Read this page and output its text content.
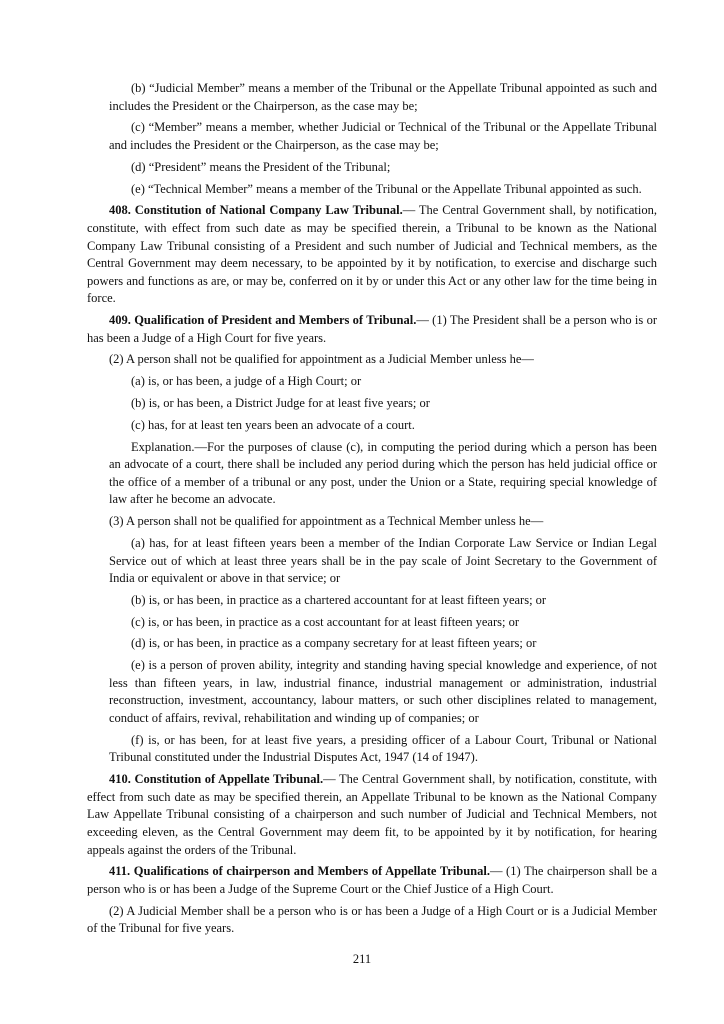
(b) “Judicial Member” means a member of the Tribunal or the Appellate Tribunal appointed as such and includes the President or the Chairperson, as the case may be;

(c) “Member” means a member, whether Judicial or Technical of the Tribunal or the Appellate Tribunal and includes the President or the Chairperson, as the case may be;

(d) “President” means the President of the Tribunal;

(e) “Technical Member” means a member of the Tribunal or the Appellate Tribunal appointed as such.

408. Constitution of National Company Law Tribunal.— The Central Government shall, by notification, constitute, with effect from such date as may be specified therein, a Tribunal to be known as the National Company Law Tribunal consisting of a President and such number of Judicial and Technical members, as the Central Government may deem necessary, to be appointed by it by notification, to exercise and discharge such powers and functions as are, or may be, conferred on it by or under this Act or any other law for the time being in force.

409. Qualification of President and Members of Tribunal.— (1) The President shall be a person who is or has been a Judge of a High Court for five years.

(2) A person shall not be qualified for appointment as a Judicial Member unless he—

(a) is, or has been, a judge of a High Court; or

(b) is, or has been, a District Judge for at least five years; or

(c) has, for at least ten years been an advocate of a court.

Explanation.—For the purposes of clause (c), in computing the period during which a person has been an advocate of a court, there shall be included any period during which the person has held judicial office or the office of a member of a tribunal or any post, under the Union or a State, requiring special knowledge of law after he become an advocate.

(3) A person shall not be qualified for appointment as a Technical Member unless he—

(a) has, for at least fifteen years been a member of the Indian Corporate Law Service or Indian Legal Service out of which at least three years shall be in the pay scale of Joint Secretary to the Government of India or equivalent or above in that service; or

(b) is, or has been, in practice as a chartered accountant for at least fifteen years; or

(c) is, or has been, in practice as a cost accountant for at least fifteen years; or

(d) is, or has been, in practice as a company secretary for at least fifteen years; or

(e) is a person of proven ability, integrity and standing having special knowledge and experience, of not less than fifteen years, in law, industrial finance, industrial management or administration, industrial reconstruction, investment, accountancy, labour matters, or such other disciplines related to management, conduct of affairs, revival, rehabilitation and winding up of companies; or

(f) is, or has been, for at least five years, a presiding officer of a Labour Court, Tribunal or National Tribunal constituted under the Industrial Disputes Act, 1947 (14 of 1947).

410. Constitution of Appellate Tribunal.— The Central Government shall, by notification, constitute, with effect from such date as may be specified therein, an Appellate Tribunal to be known as the National Company Law Appellate Tribunal consisting of a chairperson and such number of Judicial and Technical Members, not exceeding eleven, as the Central Government may deem fit, to be appointed by it by notification, for hearing appeals against the orders of the Tribunal.

411. Qualifications of chairperson and Members of Appellate Tribunal.— (1) The chairperson shall be a person who is or has been a Judge of the Supreme Court or the Chief Justice of a High Court.

(2) A Judicial Member shall be a person who is or has been a Judge of a High Court or is a Judicial Member of the Tribunal for five years.

211
